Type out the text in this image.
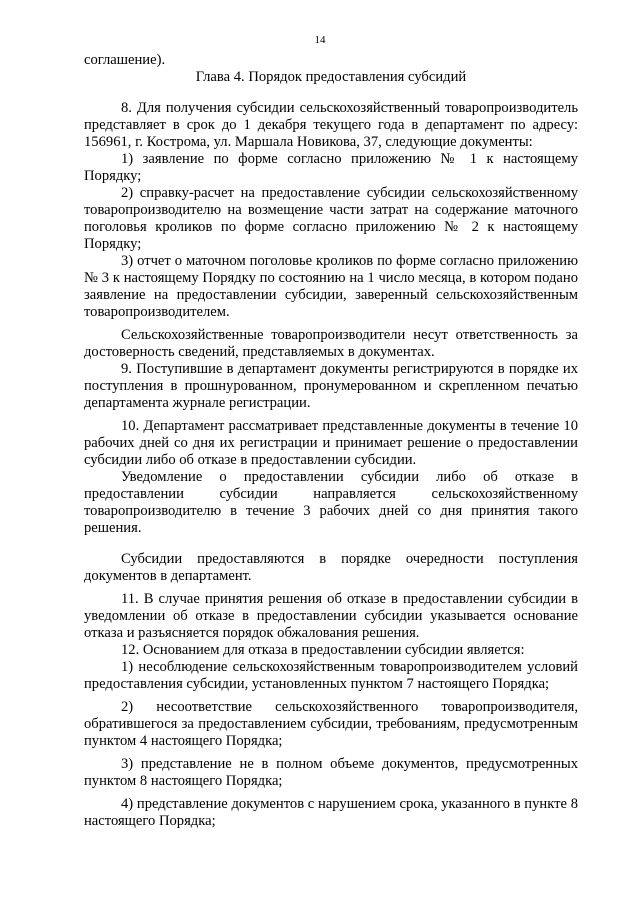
14

соглашение).

Глава 4. Порядок предоставления субсидий

8. Для получения субсидии сельскохозяйственный товаропроизводитель представляет в срок до 1 декабря текущего года в департамент по адресу: 156961, г. Кострома, ул. Маршала Новикова, 37, следующие документы:

1) заявление по форме согласно приложению № 1 к настоящему Порядку;

2) справку-расчет на предоставление субсидии сельскохозяйственному товаропроизводителю на возмещение части затрат на содержание маточного поголовья кроликов по форме согласно приложению № 2 к настоящему Порядку;

3) отчет о маточном поголовье кроликов по форме согласно приложению № 3 к настоящему Порядку по состоянию на 1 число месяца, в котором подано заявление на предоставлении субсидии, заверенный сельскохозяйственным товаропроизводителем.

Сельскохозяйственные товаропроизводители несут ответственность за достоверность сведений, представляемых в документах.

9. Поступившие в департамент документы регистрируются в порядке их поступления в прошнурованном, пронумерованном и скрепленном печатью департамента журнале регистрации.

10. Департамент рассматривает представленные документы в течение 10 рабочих дней со дня их регистрации и принимает решение о предоставлении субсидии либо об отказе в предоставлении субсидии.

Уведомление о предоставлении субсидии либо об отказе в предоставлении субсидии направляется сельскохозяйственному товаропроизводителю в течение 3 рабочих дней со дня принятия такого решения.

Субсидии предоставляются в порядке очередности поступления документов в департамент.

11. В случае принятия решения об отказе в предоставлении субсидии в уведомлении об отказе в предоставлении субсидии указывается основание отказа и разъясняется порядок обжалования решения.

12. Основанием для отказа в предоставлении субсидии является:

1) несоблюдение сельскохозяйственным товаропроизводителем условий предоставления субсидии, установленных пунктом 7 настоящего Порядка;

2) несоответствие сельскохозяйственного товаропроизводителя, обратившегося за предоставлением субсидии, требованиям, предусмотренным пунктом 4 настоящего Порядка;

3) представление не в полном объеме документов, предусмотренных пунктом 8 настоящего Порядка;

4) представление документов с нарушением срока, указанного в пункте 8 настоящего Порядка;
